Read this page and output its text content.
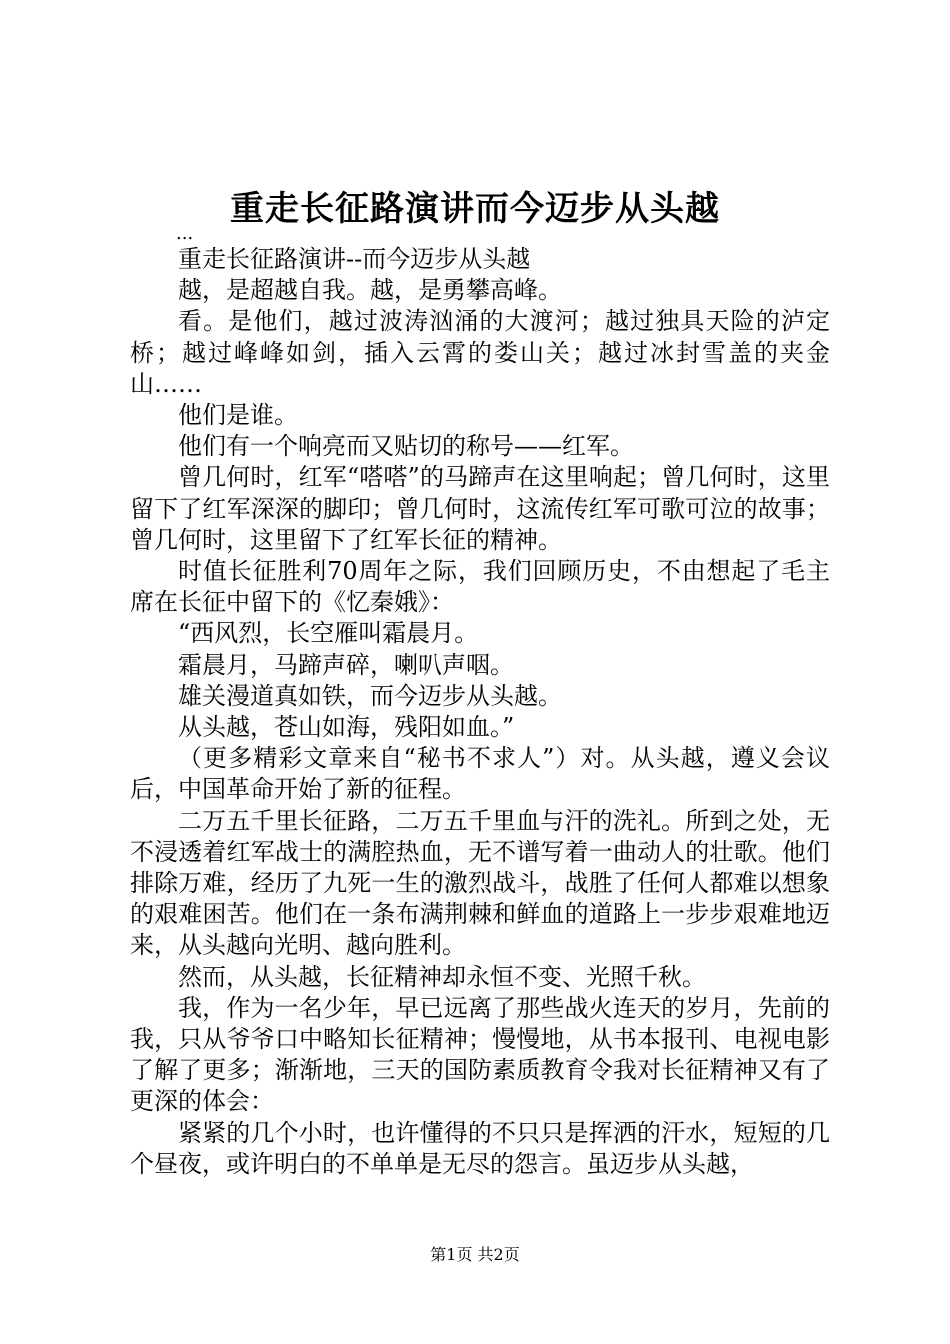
重走长征路演讲而今迈步从头越

...

重走长征路演讲--而今迈步从头越

越，是超越自我。越，是勇攀高峰。

看。是他们，越过波涛汹涌的大渡河；越过独具天险的泸定桥；越过峰峰如剑，插入云霄的娄山关；越过冰封雪盖的夹金山……

他们是谁。

他们有一个响亮而又贴切的称号——红军。

曾几何时，红军“嗒嗒”的马蹄声在这里响起；曾几何时，这里留下了红军深深的脚印；曾几何时，这流传红军可歌可泣的故事；曾几何时，这里留下了红军长征的精神。

时值长征胜利70周年之际，我们回顾历史，不由想起了毛主席在长征中留下的《忆秦娥》：

“西风烈，长空雁叫霜晨月。

霜晨月，马蹄声碎，喇叭声咽。

雄关漫道真如铁，而今迈步从头越。

从头越，苍山如海，残阳如血。”

（更多精彩文章来自“秘书不求人”）对。从头越，遵义会议后，中国革命开始了新的征程。

二万五千里长征路，二万五千里血与汗的洗礼。所到之处，无不浸透着红军战士的满腔热血，无不谱写着一曲动人的壮歌。他们排除万难，经历了九死一生的激烈战斗，战胜了任何人都难以想象的艰难困苦。他们在一条布满荆棘和鲜血的道路上一步步艰难地迈来，从头越向光明、越向胜利。

然而，从头越，长征精神却永恒不变、光照千秋。

我，作为一名少年，早已远离了那些战火连天的岁月，先前的我，只从爷爷口中略知长征精神；慢慢地，从书本报刊、电视电影了解了更多；渐渐地，三天的国防素质教育令我对长征精神又有了更深的体会：

紧紧的几个小时，也许懂得的不只只是挥洒的汗水，短短的几个昼夜，或许明白的不单单是无尽的怨言。虽迈步从头越，

第1页 共2页
